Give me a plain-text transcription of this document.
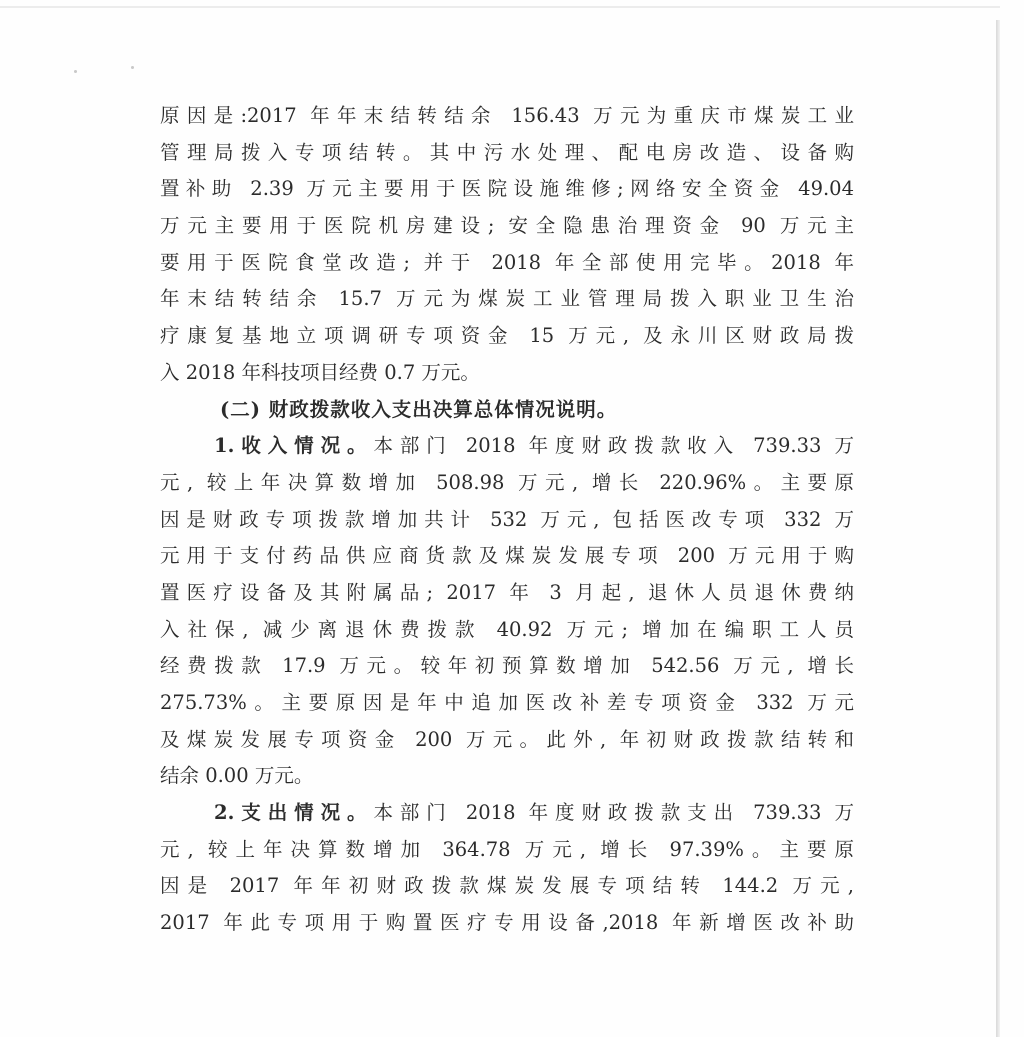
原因是:2017 年年末结转结余 156.43 万元为重庆市煤炭工业
管理局拨入专项结转。其中污水处理、配电房改造、设备购
置补助 2.39 万元主要用于医院设施维修;网络安全资金 49.04
万元主要用于医院机房建设; 安全隐患治理资金 90 万元主
要用于医院食堂改造; 并于 2018 年全部使用完毕。2018 年
年末结转结余 15.7 万元为煤炭工业管理局拨入职业卫生治
疗康复基地立项调研专项资金 15 万元, 及永川区财政局拨
入 2018 年科技项目经费 0.7 万元。
(二) 财政拨款收入支出决算总体情况说明。
1.收入情况。本部门 2018 年度财政拨款收入 739.33 万
元, 较上年决算数增加 508.98 万元, 增长 220.96%。主要原
因是财政专项拨款增加共计 532 万元, 包括医改专项 332 万
元用于支付药品供应商货款及煤炭发展专项 200 万元用于购
置医疗设备及其附属品; 2017 年 3 月起, 退休人员退休费纳
入社保, 减少离退休费拨款 40.92 万元; 增加在编职工人员
经费拨款 17.9 万元。较年初预算数增加 542.56 万元, 增长
275.73%。主要原因是年中追加医改补差专项资金 332 万元
及煤炭发展专项资金 200 万元。此外, 年初财政拨款结转和
结余 0.00 万元。
2.支出情况。本部门 2018 年度财政拨款支出 739.33 万
元, 较上年决算数增加 364.78 万元, 增长 97.39%。主要原
因是 2017 年年初财政拨款煤炭发展专项结转 144.2 万元,
2017 年此专项用于购置医疗专用设备,2018 年新增医改补助
